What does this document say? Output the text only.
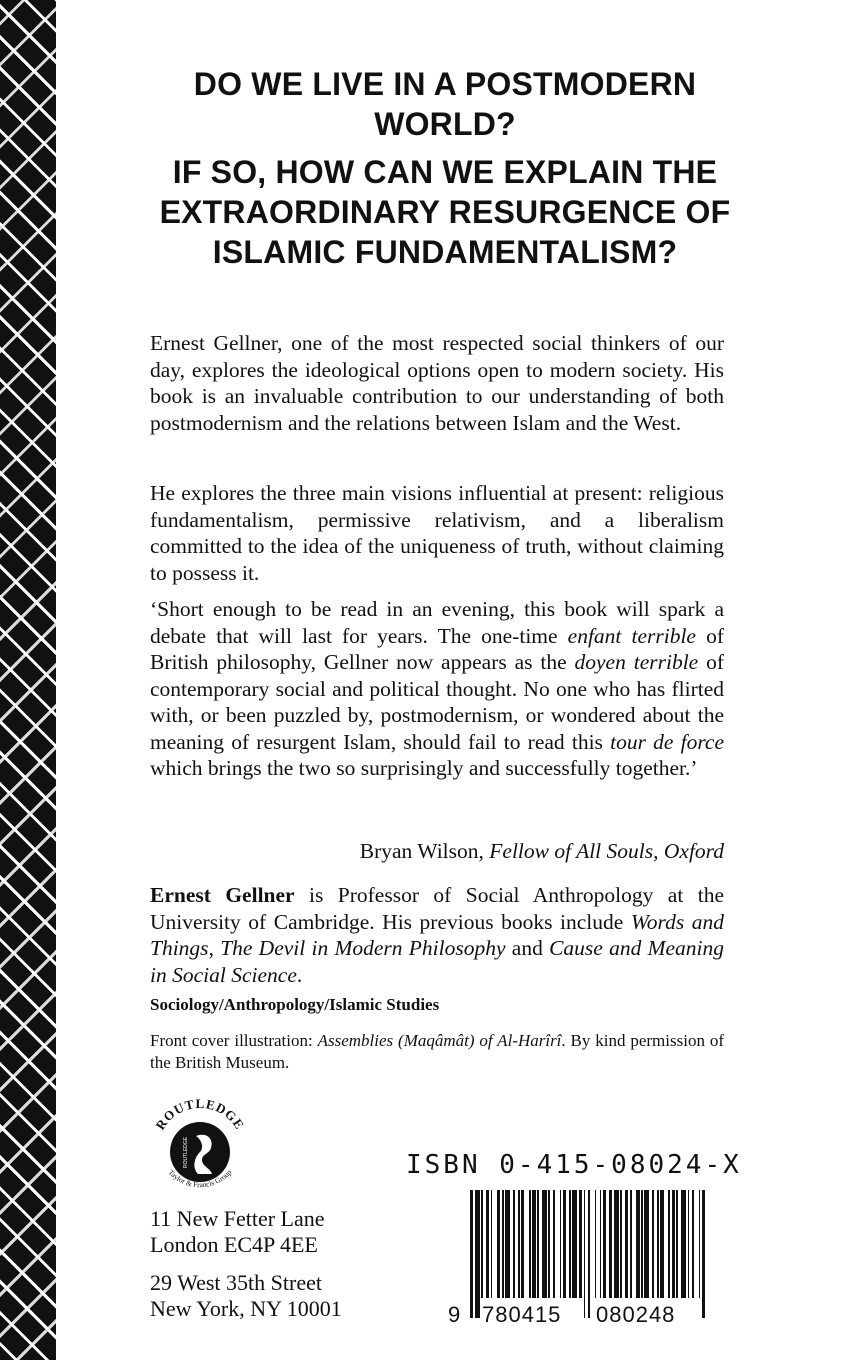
DO WE LIVE IN A POSTMODERN WORLD?
IF SO, HOW CAN WE EXPLAIN THE EXTRAORDINARY RESURGENCE OF ISLAMIC FUNDAMENTALISM?

Ernest Gellner, one of the most respected social thinkers of our day, explores the ideological options open to modern society. His book is an invaluable contribution to our understanding of both postmodernism and the relations between Islam and the West.

He explores the three main visions influential at present: religious fundamentalism, permissive relativism, and a liberalism committed to the idea of the uniqueness of truth, without claiming to possess it.

‘Short enough to be read in an evening, this book will spark a debate that will last for years. The one-time enfant terrible of British philosophy, Gellner now appears as the doyen terrible of contemporary social and political thought. No one who has flirted with, or been puzzled by, postmodernism, or wondered about the meaning of resurgent Islam, should fail to read this tour de force which brings the two so surprisingly and successfully together.’

Bryan Wilson, Fellow of All Souls, Oxford

Ernest Gellner is Professor of Social Anthropology at the University of Cambridge. His previous books include Words and Things, The Devil in Modern Philosophy and Cause and Meaning in Social Science.

Sociology/Anthropology/Islamic Studies

Front cover illustration: Assemblies (Maqâmât) of Al-Harîrî. By kind permission of the British Museum.

ROUTLEDGE
Taylor & Francis Group
ROUTLEDGE

11 New Fetter Lane
London EC4P 4EE

29 West 35th Street
New York, NY 10001

ISBN 0-415-08024-X

9 780415 080248
